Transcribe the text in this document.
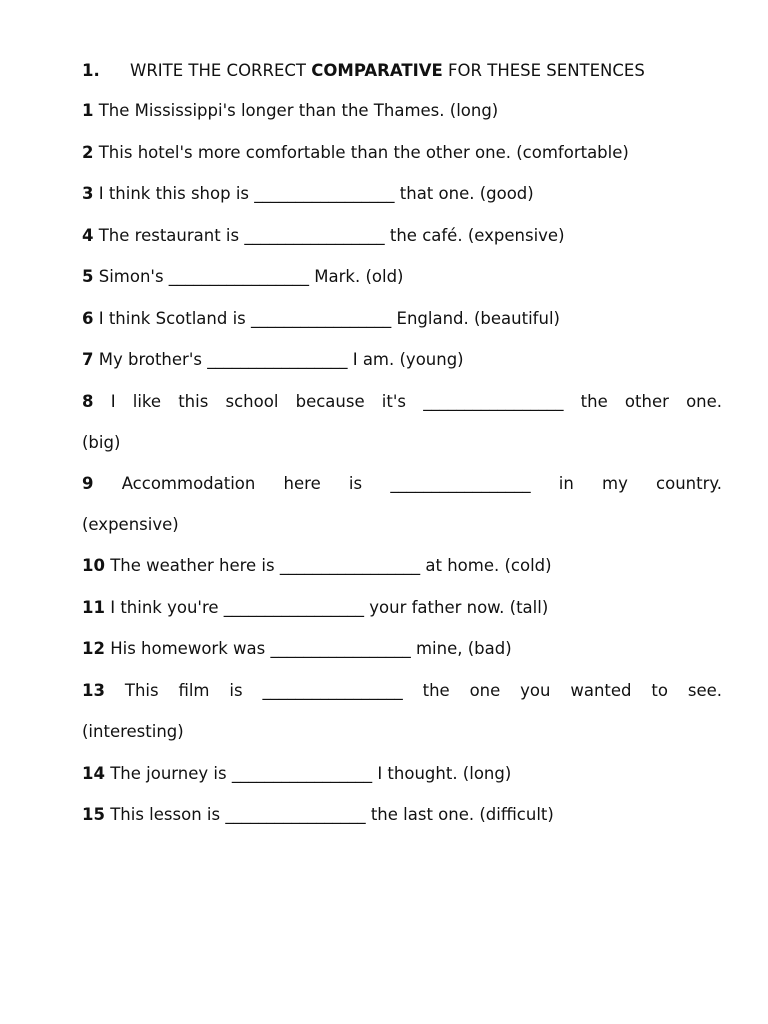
1. WRITE THE CORRECT COMPARATIVE FOR THESE SENTENCES
1 The Mississippi's longer than the Thames. (long)
2 This hotel's more comfortable than the other one. (comfortable)
3 I think this shop is _________________ that one. (good)
4 The restaurant is _________________ the café. (expensive)
5 Simon's _________________ Mark. (old)
6 I think Scotland is _________________ England. (beautiful)
7 My brother's _________________ I am. (young)
8 I like this school because it's _________________ the other one.
(big)
9 Accommodation here is _________________ in my country.
(expensive)
10 The weather here is _________________ at home. (cold)
11 I think you're _________________ your father now. (tall)
12 His homework was _________________ mine, (bad)
13 This film is _________________ the one you wanted to see.
(interesting)
14 The journey is _________________ I thought. (long)
15 This lesson is _________________ the last one. (difficult)
